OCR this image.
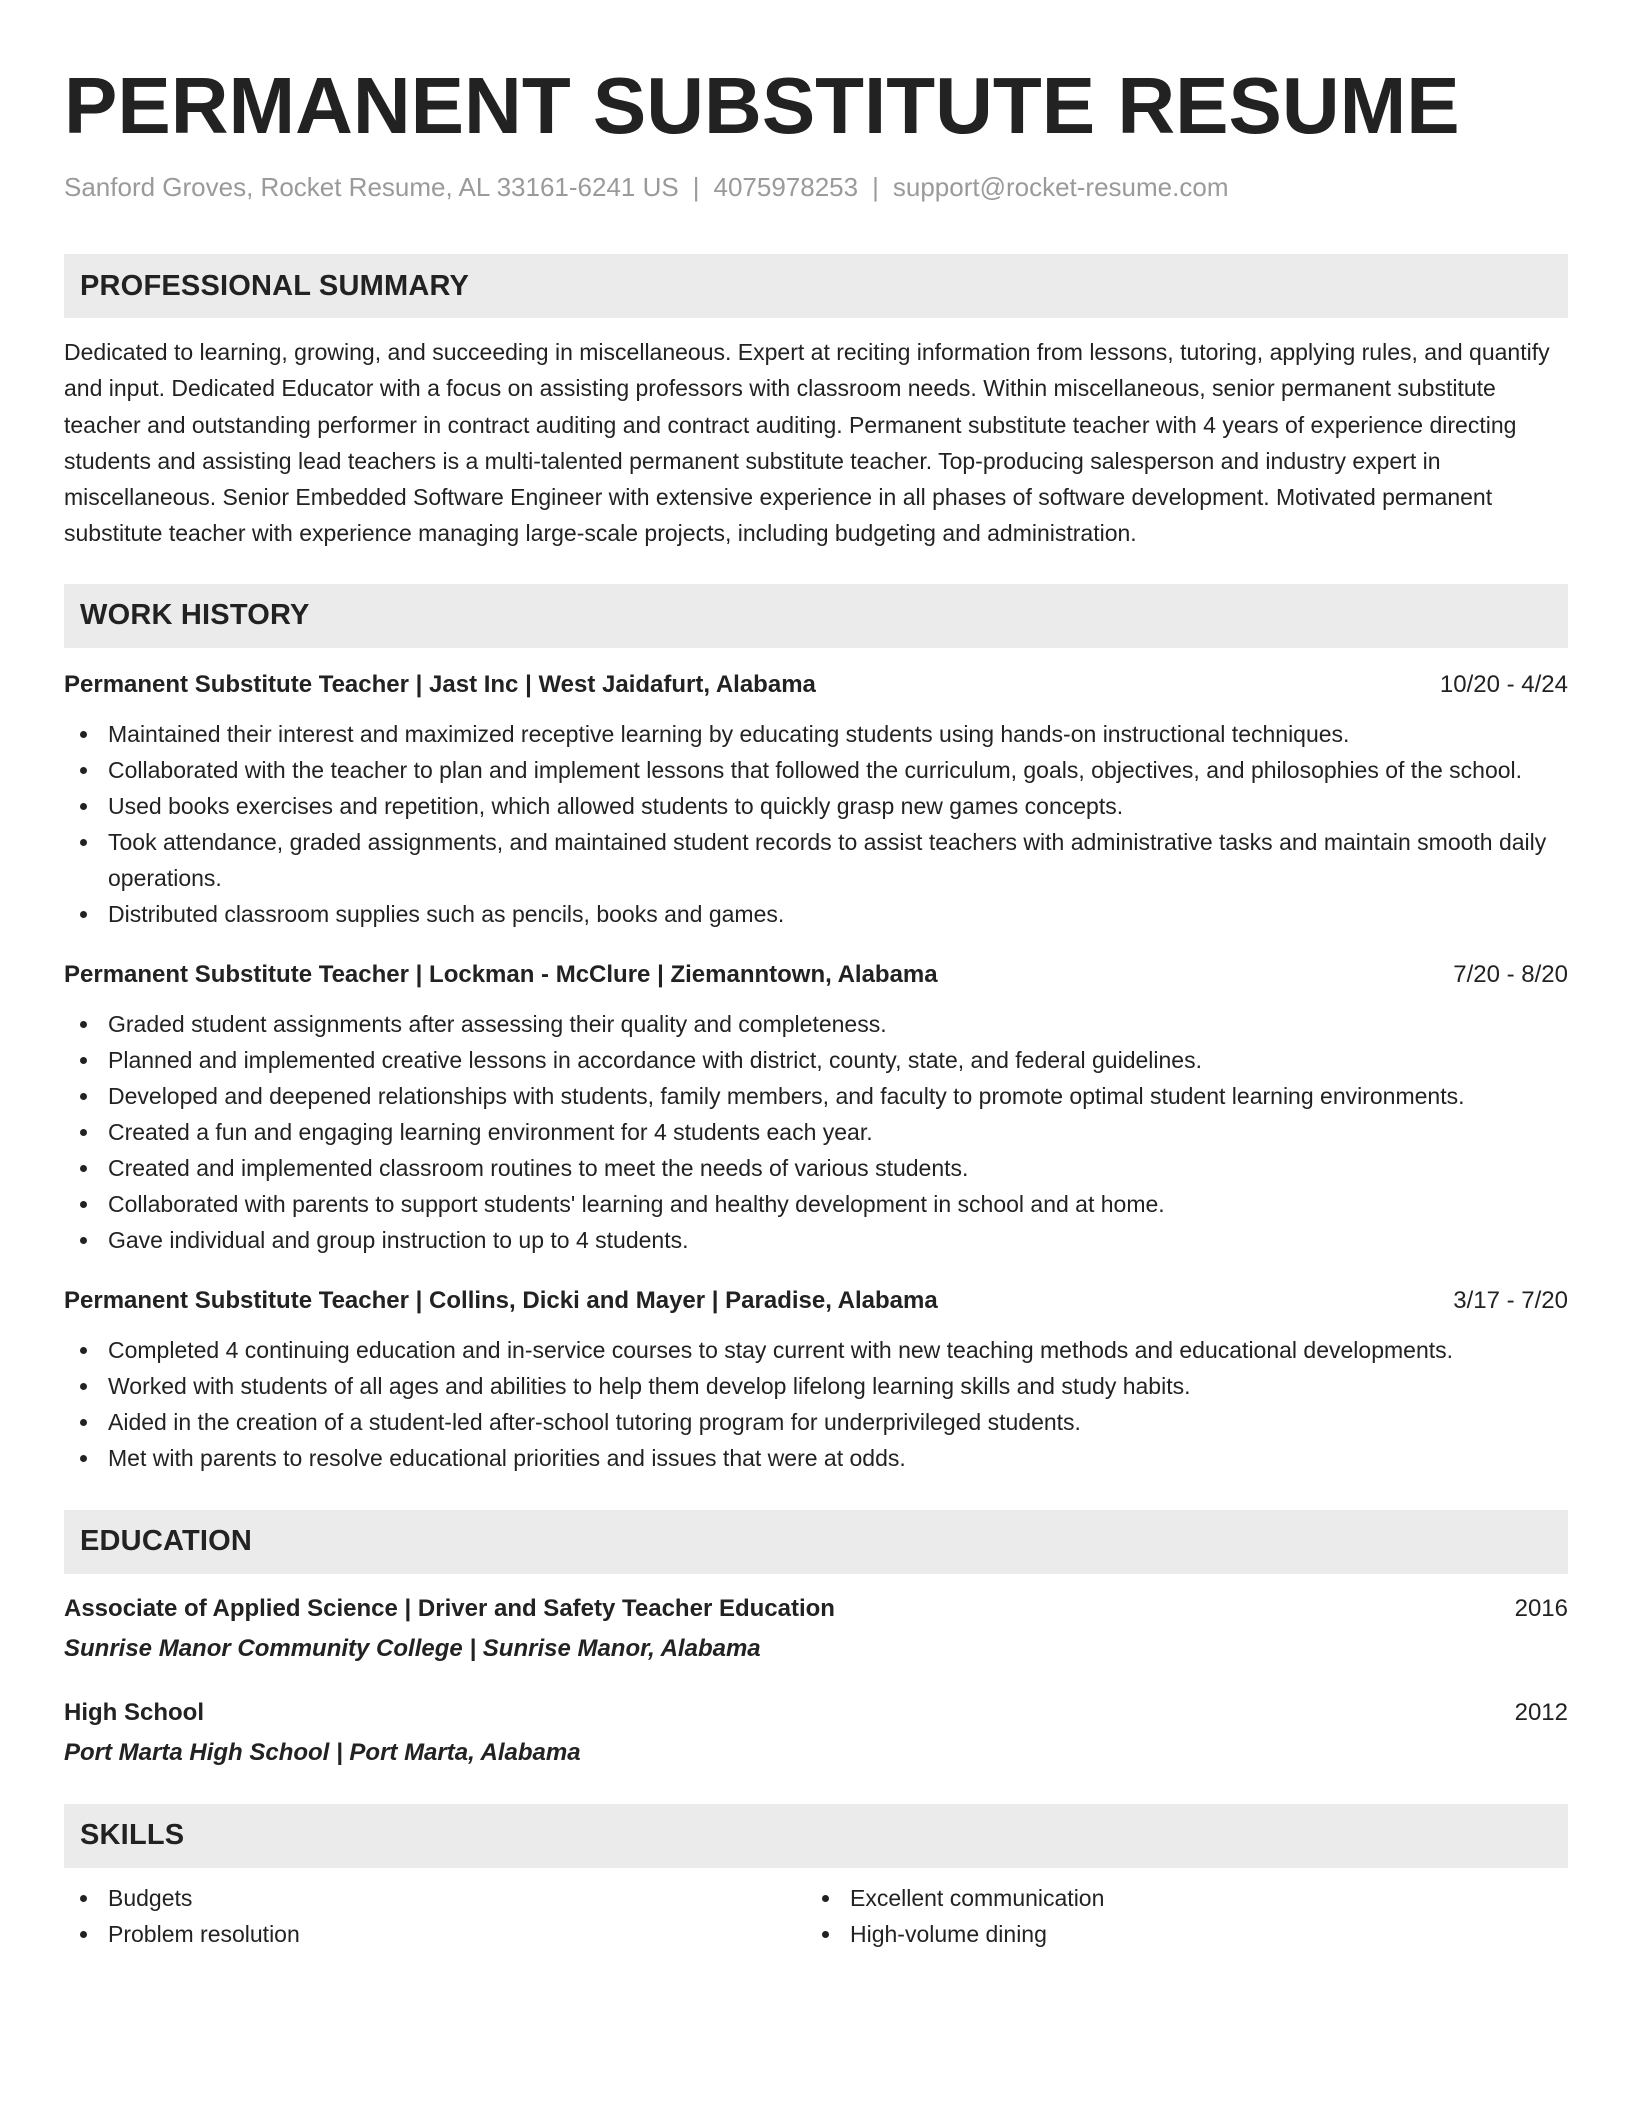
PERMANENT SUBSTITUTE RESUME
Sanford Groves, Rocket Resume, AL 33161-6241 US | 4075978253 | support@rocket-resume.com
PROFESSIONAL SUMMARY
Dedicated to learning, growing, and succeeding in miscellaneous. Expert at reciting information from lessons, tutoring, applying rules, and quantify and input. Dedicated Educator with a focus on assisting professors with classroom needs. Within miscellaneous, senior permanent substitute teacher and outstanding performer in contract auditing and contract auditing. Permanent substitute teacher with 4 years of experience directing students and assisting lead teachers is a multi-talented permanent substitute teacher. Top-producing salesperson and industry expert in miscellaneous. Senior Embedded Software Engineer with extensive experience in all phases of software development. Motivated permanent substitute teacher with experience managing large-scale projects, including budgeting and administration.
WORK HISTORY
Permanent Substitute Teacher | Jast Inc | West Jaidafurt, Alabama	10/20 - 4/24
Maintained their interest and maximized receptive learning by educating students using hands-on instructional techniques.
Collaborated with the teacher to plan and implement lessons that followed the curriculum, goals, objectives, and philosophies of the school.
Used books exercises and repetition, which allowed students to quickly grasp new games concepts.
Took attendance, graded assignments, and maintained student records to assist teachers with administrative tasks and maintain smooth daily operations.
Distributed classroom supplies such as pencils, books and games.
Permanent Substitute Teacher | Lockman - McClure | Ziemanntown, Alabama	7/20 - 8/20
Graded student assignments after assessing their quality and completeness.
Planned and implemented creative lessons in accordance with district, county, state, and federal guidelines.
Developed and deepened relationships with students, family members, and faculty to promote optimal student learning environments.
Created a fun and engaging learning environment for 4 students each year.
Created and implemented classroom routines to meet the needs of various students.
Collaborated with parents to support students' learning and healthy development in school and at home.
Gave individual and group instruction to up to 4 students.
Permanent Substitute Teacher | Collins, Dicki and Mayer | Paradise, Alabama	3/17 - 7/20
Completed 4 continuing education and in-service courses to stay current with new teaching methods and educational developments.
Worked with students of all ages and abilities to help them develop lifelong learning skills and study habits.
Aided in the creation of a student-led after-school tutoring program for underprivileged students.
Met with parents to resolve educational priorities and issues that were at odds.
EDUCATION
Associate of Applied Science | Driver and Safety Teacher Education	2016
Sunrise Manor Community College | Sunrise Manor, Alabama
High School	2012
Port Marta High School | Port Marta, Alabama
SKILLS
Budgets
Problem resolution
Excellent communication
High-volume dining
